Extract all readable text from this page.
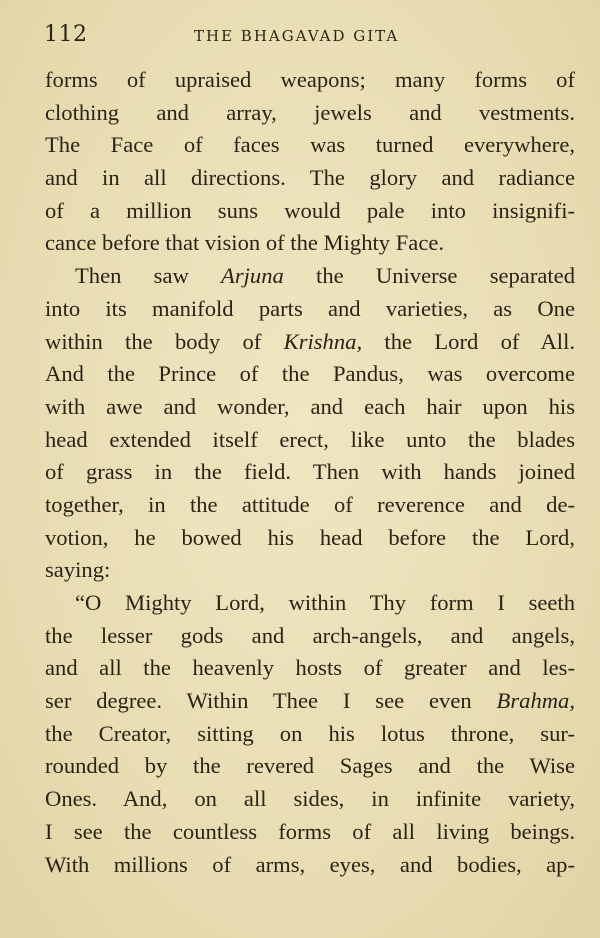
112	THE BHAGAVAD GITA
forms of upraised weapons; many forms of
clothing and array, jewels and vestments.
The Face of faces was turned everywhere,
and in all directions. The glory and radiance
of a million suns would pale into insignifi-
cance before that vision of the Mighty Face.
Then saw Arjuna the Universe separated
into its manifold parts and varieties, as One
within the body of Krishna, the Lord of All.
And the Prince of the Pandus, was overcome
with awe and wonder, and each hair upon his
head extended itself erect, like unto the blades
of grass in the field. Then with hands joined
together, in the attitude of reverence and de-
votion, he bowed his head before the Lord,
saying:
“O Mighty Lord, within Thy form I seeth
the lesser gods and arch-angels, and angels,
and all the heavenly hosts of greater and les-
ser degree. Within Thee I see even Brahma,
the Creator, sitting on his lotus throne, sur-
rounded by the revered Sages and the Wise
Ones. And, on all sides, in infinite variety,
I see the countless forms of all living beings.
With millions of arms, eyes, and bodies, ap-
